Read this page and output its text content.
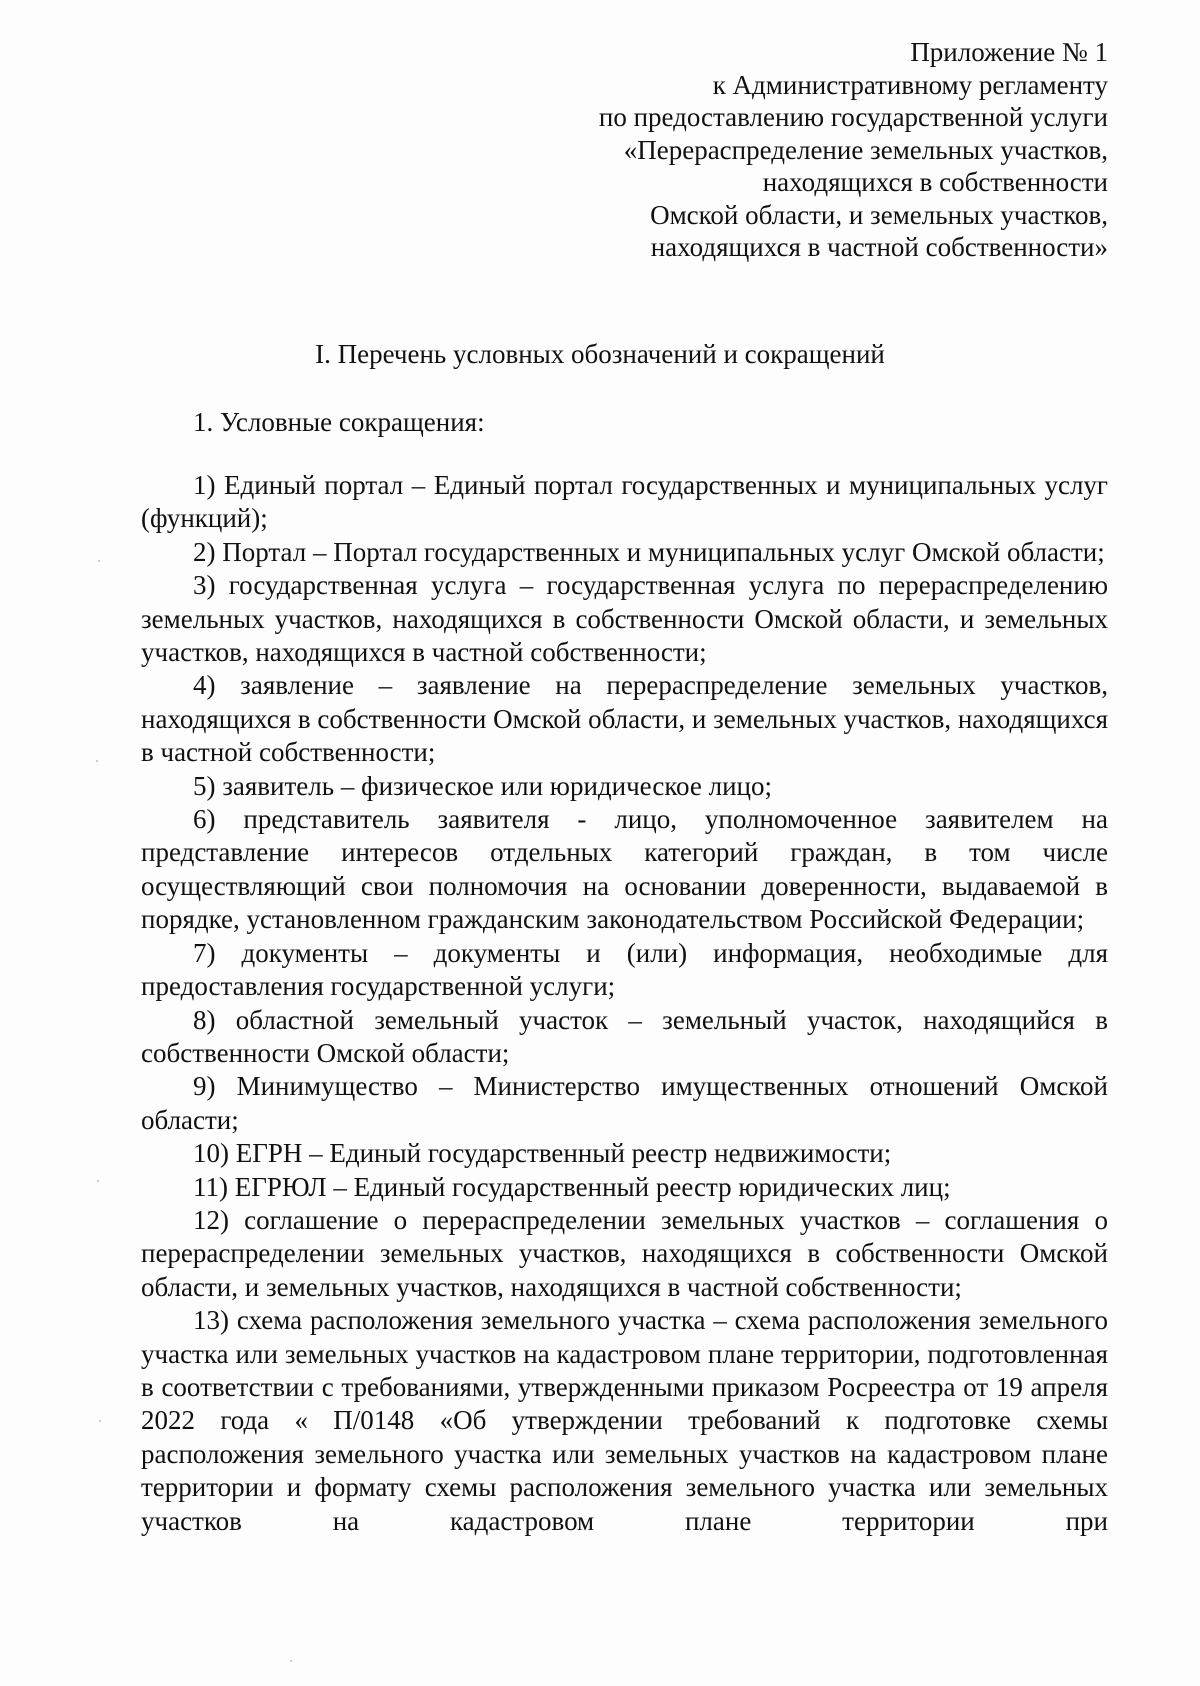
Приложение № 1
к Административному регламенту
по предоставлению государственной услуги
«Перераспределение земельных участков,
находящихся в собственности
Омской области, и земельных участков,
находящихся в частной собственности»
I. Перечень условных обозначений и сокращений
1. Условные сокращения:

1) Единый портал – Единый портал государственных и муниципальных услуг (функций);

2) Портал – Портал государственных и муниципальных услуг Омской области;

3) государственная услуга – государственная услуга по перераспределению земельных участков, находящихся в собственности Омской области, и земельных участков, находящихся в частной собственности;

4) заявление – заявление на перераспределение земельных участков, находящихся в собственности Омской области, и земельных участков, находящихся в частной собственности;

5) заявитель – физическое или юридическое лицо;

6) представитель заявителя - лицо, уполномоченное заявителем на представление интересов отдельных категорий граждан, в том числе осуществляющий свои полномочия на основании доверенности, выдаваемой в порядке, установленном гражданским законодательством Российской Федерации;

7) документы – документы и (или) информация, необходимые для предоставления государственной услуги;

8) областной земельный участок – земельный участок, находящийся в собственности Омской области;

9) Минимущество – Министерство имущественных отношений Омской области;

10) ЕГРН – Единый государственный реестр недвижимости;

11) ЕГРЮЛ – Единый государственный реестр юридических лиц;

12) соглашение о перераспределении земельных участков – соглашения о перераспределении земельных участков, находящихся в собственности Омской области, и земельных участков, находящихся в частной собственности;

13) схема расположения земельного участка – схема расположения земельного участка или земельных участков на кадастровом плане территории, подготовленная в соответствии с требованиями, утвержденными приказом Росреестра от 19 апреля 2022 года « П/0148 «Об утверждении требований к подготовке схемы расположения земельного участка или земельных участков на кадастровом плане территории и формату схемы расположения земельного участка или земельных участков на кадастровом плане территории при
